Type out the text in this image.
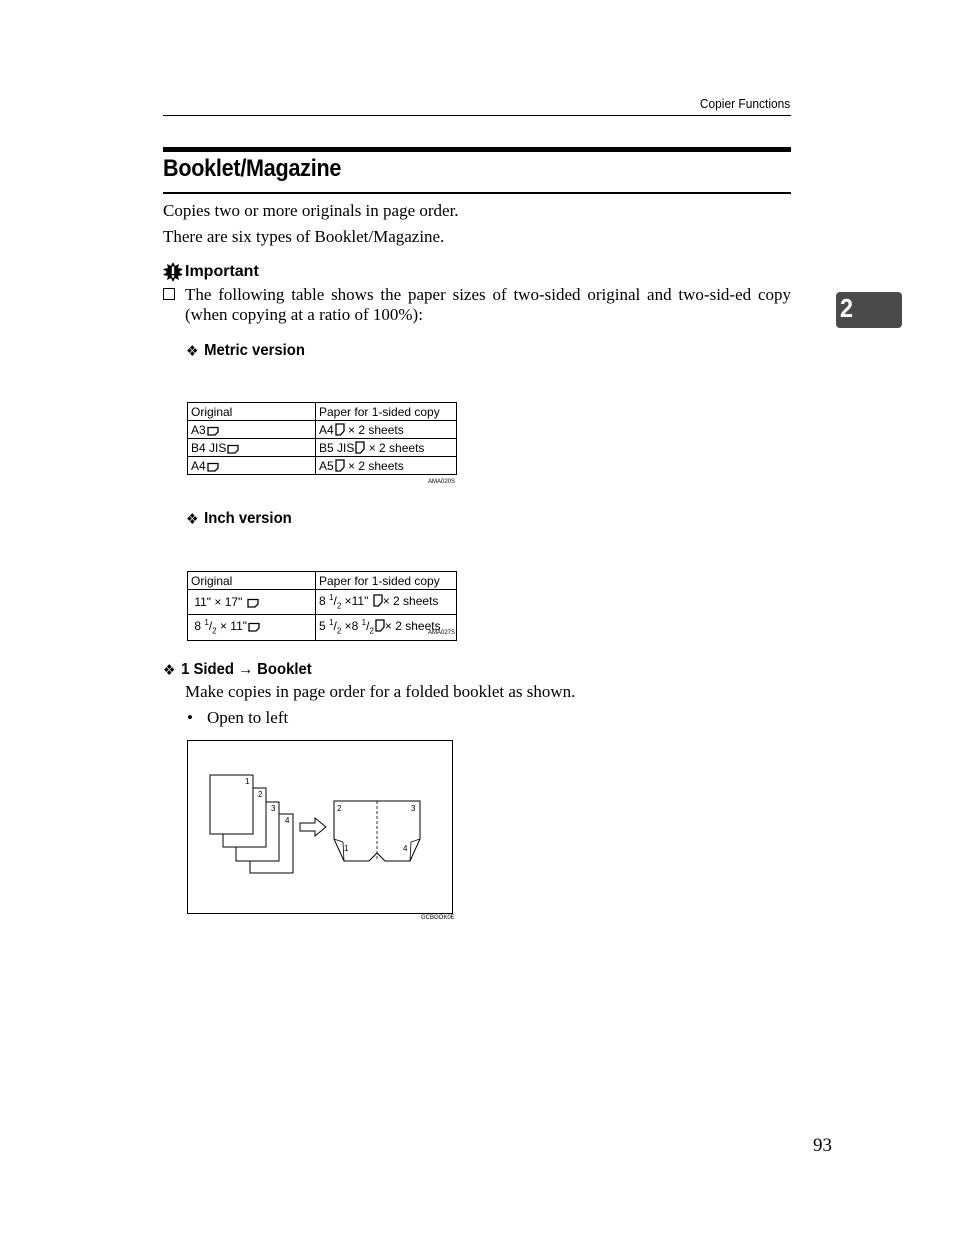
Copier Functions
Booklet/Magazine
Copies two or more originals in page order.
There are six types of Booklet/Magazine.
Important
The following table shows the paper sizes of two-sided original and two-sid-ed copy (when copying at a ratio of 100%):
❖ Metric version
Original	Paper for 1-sided copy
A3	A4 × 2 sheets
B4 JIS	B5 JIS × 2 sheets
A4	A5 × 2 sheets
AMA020S
❖ Inch version
Original	Paper for 1-sided copy
11" × 17"	8 $^1/_2 \times 11$" × 2 sheets
8 $^1/_2 \times 11$"	5 $^1/_2 \times 8$ $^1/_2 \times 2$ sheets
AMA027S
❖ 1 Sided
→
Booklet
Make copies in page order for a folded booklet as shown.
• Open to left
1
2
3
4
2	3
1	4
GCBOOK0E
2
93
